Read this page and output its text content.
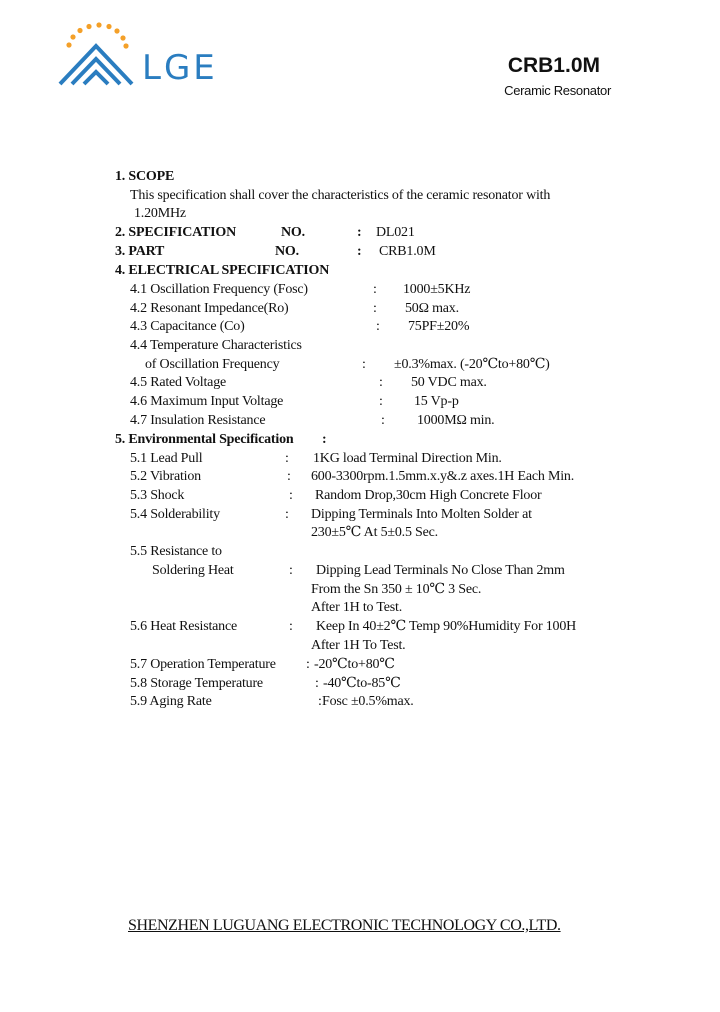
LGE	CRB1.0M
Ceramic Resonator
1. SCOPE
This specification shall cover the characteristics of the ceramic resonator with
1.20MHz
2. SPECIFICATION	NO.	: DL021
3. PART	NO.	: CRB1.0M
4. ELECTRICAL SPECIFICATION
4.1 Oscillation Frequency (Fosc)	: 1000±5KHz
4.2 Resonant Impedance(Ro)	: 50Ω max.
4.3 Capacitance (Co)	: 75PF±20%
4.4 Temperature Characteristics
of Oscillation Frequency	: ±0.3%max. (-20℃to+80℃)
4.5 Rated Voltage	: 50 VDC max.
4.6 Maximum Input Voltage	: 15 Vp-p
4.7 Insulation Resistance	: 1000MΩ min.
5. Environmental Specification :
5.1 Lead Pull	: 1KG load Terminal Direction Min.
5.2 Vibration	: 600-3300rpm.1.5mm.x.y&.z axes.1H Each Min.
5.3 Shock	: Random Drop,30cm High Concrete Floor
5.4 Solderability	: Dipping Terminals Into Molten Solder at
230±5℃ At 5±0.5 Sec.
5.5 Resistance to
Soldering Heat	: Dipping Lead Terminals No Close Than 2mm
From the Sn 350 ± 10℃ 3 Sec.
After 1H to Test.
5.6 Heat Resistance	: Keep In 40±2℃ Temp 90%Humidity For 100H
After 1H To Test.
5.7 Operation Temperature : -20℃to+80℃
5.8 Storage Temperature	: -40℃to-85℃
5.9 Aging Rate	: Fosc ±0.5%max.
SHENZHEN LUGUANG ELECTRONIC TECHNOLOGY CO.,LTD.
